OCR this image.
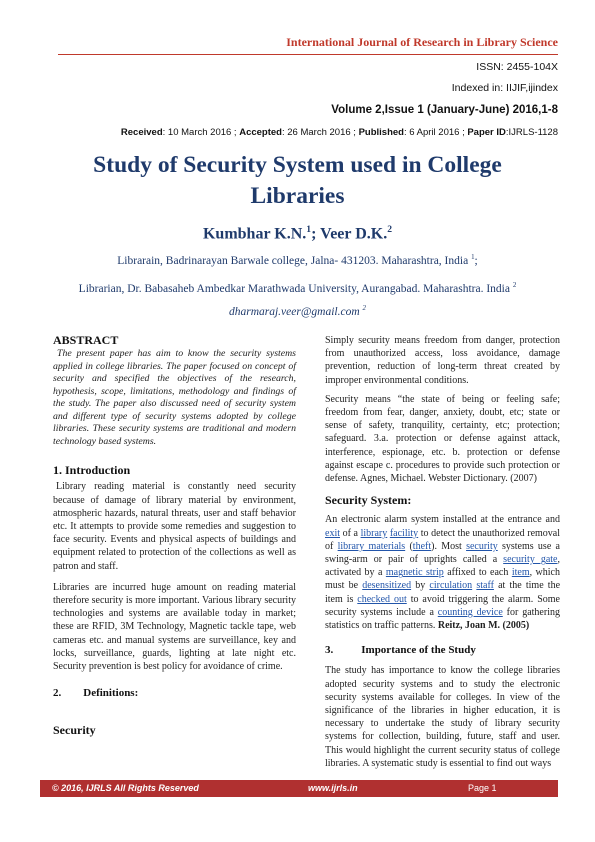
International Journal of Research in Library Science
ISSN: 2455-104X
Indexed in: IIJIF,ijindex
Volume 2,Issue 1 (January-June) 2016,1-8
Received: 10 March 2016 ; Accepted: 26 March 2016 ; Published: 6 April 2016 ; Paper ID:IJRLS-1128
Study of Security System used in College Libraries
Kumbhar K.N.$^1$; Veer D.K.$^2$
Librarain, Badrinarayan Barwale college, Jalna- 431203. Maharashtra, India $^1$;
Librarian, Dr. Babasaheb Ambedkar Marathwada University, Aurangabad. Maharashtra. India $^2$
dharmaraj.veer@gmail.com $^2$
ABSTRACT

The present paper has aim to know the security systems applied in college libraries. The paper focused on concept of security and specified the objectives of the research, hypothesis, scope, limitations, methodology and findings of the study. The paper also discussed need of security system and different type of security systems adopted by college libraries. These security systems are traditional and modern technology based systems.

1. Introduction

Library reading material is constantly need security because of damage of library material by environment, atmospheric hazards, natural threats, user and staff behavior etc. It attempts to provide some remedies and suggestion to face security. Events and physical aspects of buildings and equipment related to protection of the collections as well as patron and staff.

Libraries are incurred huge amount on reading material therefore security is more important. Various library security technologies and systems are available today in market; these are RFID, 3M Technology, Magnetic tackle tape, web cameras etc. and manual systems are surveillance, key and locks, surveillance, guards, lighting at late night etc. Security prevention is best policy for avoidance of crime.

2. Definitions:
Security

Simply security means freedom from danger, protection from unauthorized access, loss avoidance, damage prevention, reduction of long-term threat created by improper environmental conditions.

Security means “the state of being or feeling safe; freedom from fear, danger, anxiety, doubt, etc; state or sense of safety, tranquility, certainty, etc; protection; safeguard. 3.a. protection or defense against attack, interference, espionage, etc. b. protection or defense against escape c. procedures to provide such protection or defense. Agnes, Michael. Webster Dictionary. (2007)

Security System:

An electronic alarm system installed at the entrance and exit of a library facility to detect the unauthorized removal of library materials (theft). Most security systems use a swing-arm or pair of uprights called a security gate, activated by a magnetic strip affixed to each item, which must be desensitized by circulation staff at the time the item is checked out to avoid triggering the alarm. Some security systems include a counting device for gathering statistics on traffic patterns. Reitz, Joan M. (2005)

3.	Importance of the Study

The study has importance to know the college libraries adopted security systems and to study the electronic security systems available for colleges. In view of the significance of the libraries in higher education, it is necessary to undertake the study of library security systems for collection, building, future, staff and user. This would highlight the current security status of college libraries. A systematic study is essential to find out ways

© 2016, IJRLS All Rights Reserved	www.ijrls.in	Page 1
